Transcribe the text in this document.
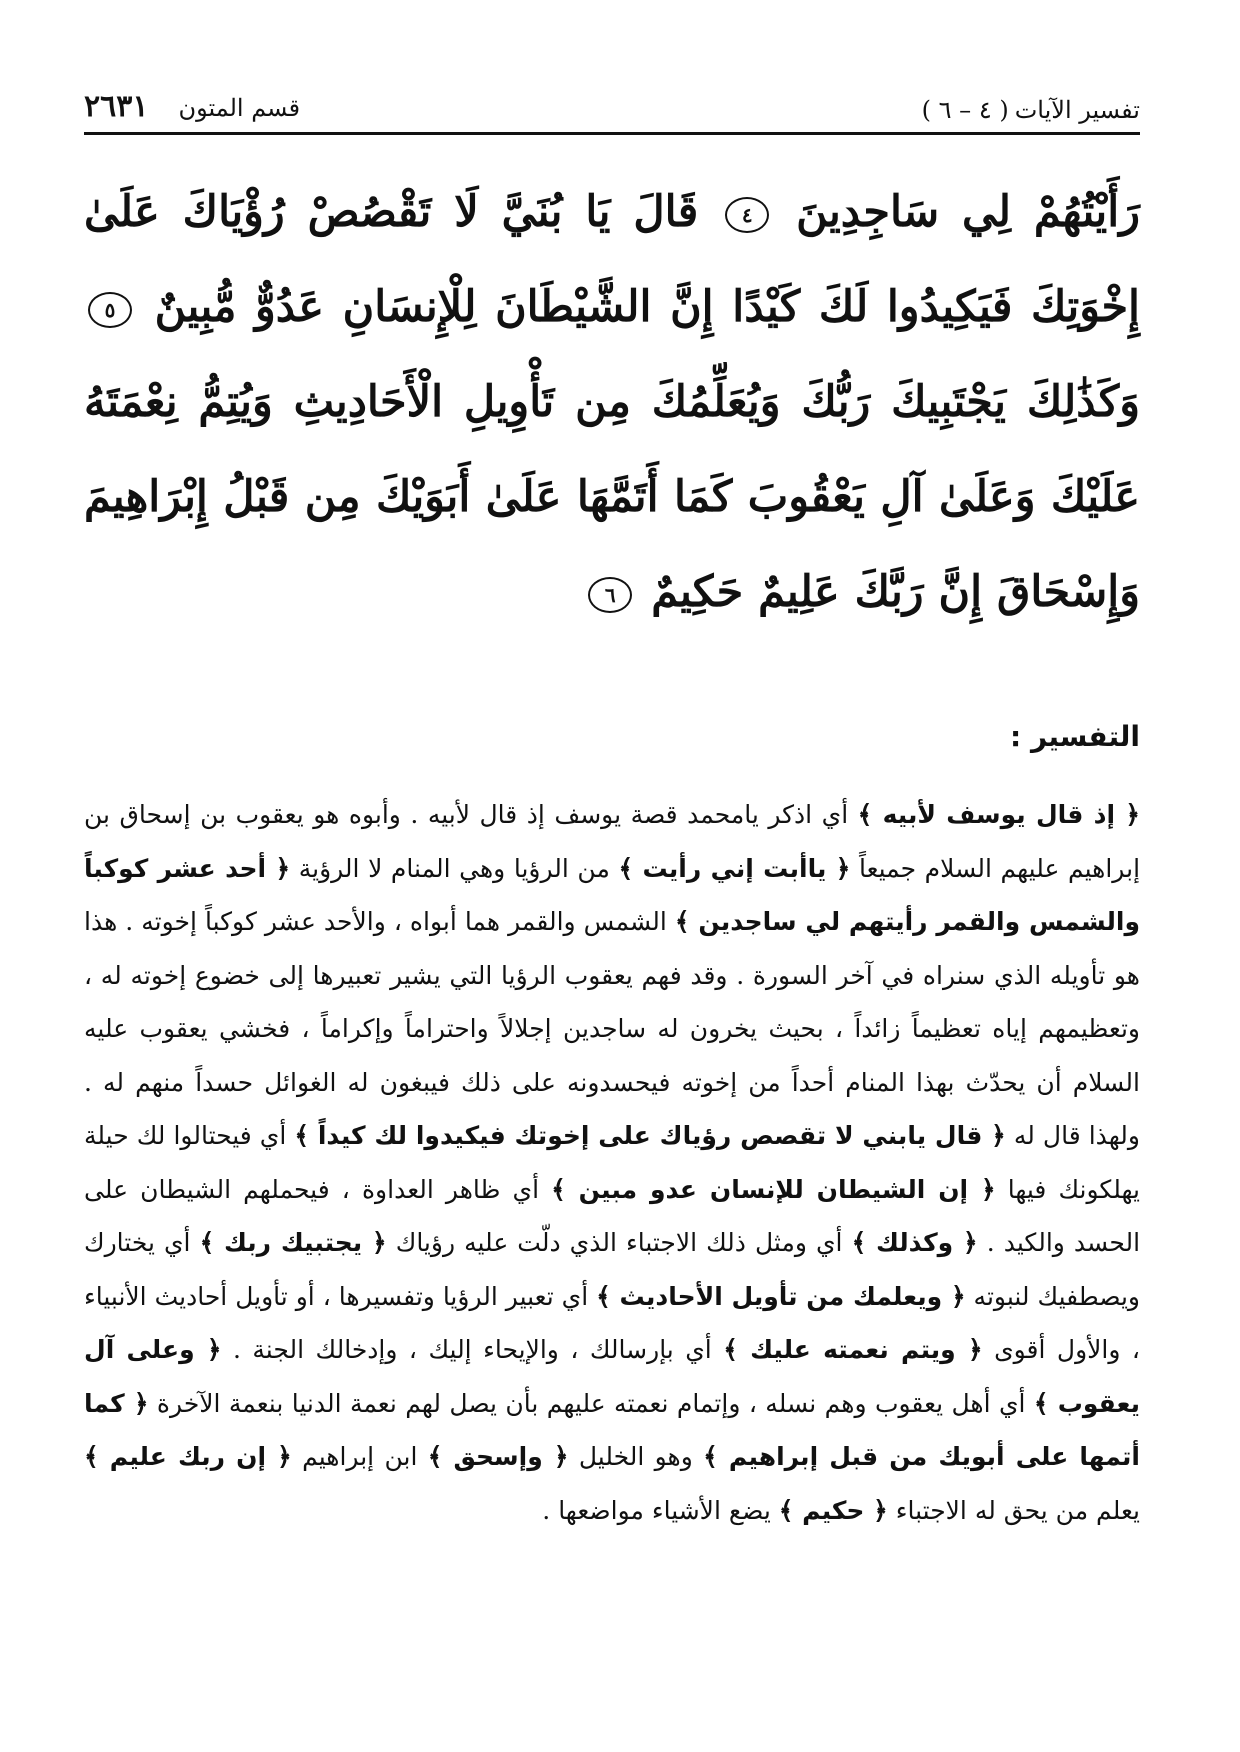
تفسير الآيات
( ٤ – ٦ )
قسم المتون
٢٦٣١
رَأَيْتُهُمْ لِي سَاجِدِينَ ٤ قَالَ يَا بُنَيَّ لَا تَقْصُصْ رُؤْيَاكَ عَلَىٰ إِخْوَتِكَ فَيَكِيدُوا لَكَ كَيْدًا إِنَّ الشَّيْطَانَ لِلْإِنسَانِ عَدُوٌّ مُّبِينٌ ٥ وَكَذَٰلِكَ يَجْتَبِيكَ رَبُّكَ وَيُعَلِّمُكَ مِن تَأْوِيلِ الْأَحَادِيثِ وَيُتِمُّ نِعْمَتَهُ عَلَيْكَ وَعَلَىٰ آلِ يَعْقُوبَ كَمَا أَتَمَّهَا عَلَىٰ أَبَوَيْكَ مِن قَبْلُ إِبْرَاهِيمَ وَإِسْحَاقَ إِنَّ رَبَّكَ عَلِيمٌ حَكِيمٌ ٦
التفسير :

﴿ إذ قال يوسف لأبيه ﴾ أي اذكر يامحمد قصة يوسف إذ قال لأبيه . وأبوه هو يعقوب بن إسحاق بن إبراهيم عليهم السلام جميعاً ﴿ ياأبت إني رأيت ﴾ من الرؤيا وهي المنام لا الرؤية ﴿ أحد عشر كوكباً والشمس والقمر رأيتهم لي ساجدين ﴾ الشمس والقمر هما أبواه ، والأحد عشر كوكباً إخوته . هذا هو تأويله الذي سنراه في آخر السورة . وقد فهم يعقوب الرؤيا التي يشير تعبيرها إلى خضوع إخوته له ، وتعظيمهم إياه تعظيماً زائداً ، بحيث يخرون له ساجدين إجلالاً واحتراماً وإكراماً ، فخشي يعقوب عليه السلام أن يحدّث بهذا المنام أحداً من إخوته فيحسدونه على ذلك فيبغون له الغوائل حسداً منهم له . ولهذا قال له ﴿ قال يابني لا تقصص رؤياك على إخوتك فيكيدوا لك كيداً ﴾ أي فيحتالوا لك حيلة يهلكونك فيها ﴿ إن الشيطان للإنسان عدو مبين ﴾ أي ظاهر العداوة ، فيحملهم الشيطان على الحسد والكيد . ﴿ وكذلك ﴾ أي ومثل ذلك الاجتباء الذي دلّت عليه رؤياك ﴿ يجتبيك ربك ﴾ أي يختارك ويصطفيك لنبوته ﴿ ويعلمك من تأويل الأحاديث ﴾ أي تعبير الرؤيا وتفسيرها ، أو تأويل أحاديث الأنبياء ، والأول أقوى ﴿ ويتم نعمته عليك ﴾ أي بإرسالك ، والإيحاء إليك ، وإدخالك الجنة . ﴿ وعلى آل يعقوب ﴾ أي أهل يعقوب وهم نسله ، وإتمام نعمته عليهم بأن يصل لهم نعمة الدنيا بنعمة الآخرة ﴿ كما أتمها على أبويك من قبل إبراهيم ﴾ وهو الخليل ﴿ وإسحق ﴾ ابن إبراهيم ﴿ إن ربك عليم ﴾ يعلم من يحق له الاجتباء ﴿ حكيم ﴾ يضع الأشياء مواضعها .
